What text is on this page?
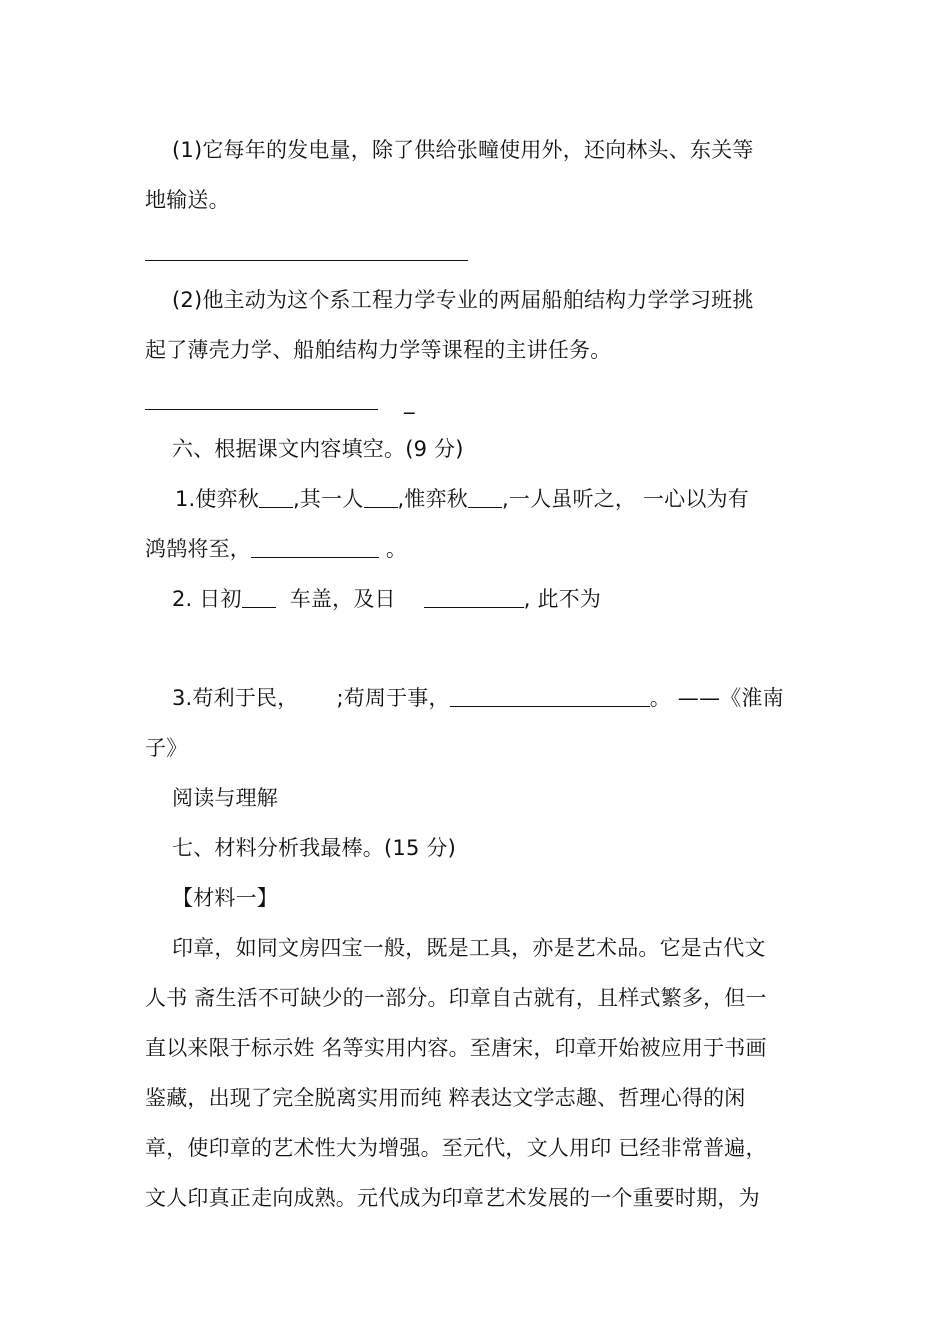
(1)它每年的发电量，除了供给张疃使用外，还向林头、东关等
地输送。
(2)他主动为这个系工程力学专业的两届船舶结构力学学习班挑
起了薄壳力学、船舶结构力学等课程的主讲任务。
_
六、根据课文内容填空。(9 分)
1.使弈秋 ,其一人 ,惟弈秋 ,一人虽听之， 一心以为有
鸿鹄将至，	。
2. 日初 车盖，及日	, 此不为
3.苟利于民， ;苟周于事，	。 ——《淮南
子》
阅读与理解
七、材料分析我最棒。(15 分)
【材料一】
印章，如同文房四宝一般，既是工具，亦是艺术品。它是古代文
人书 斋生活不可缺少的一部分。印章自古就有，且样式繁多，但一
直以来限于标示姓 名等实用内容。至唐宋，印章开始被应用于书画
鉴藏，出现了完全脱离实用而纯 粹表达文学志趣、哲理心得的闲
章，使印章的艺术性大为增强。至元代，文人用印 已经非常普遍，
文人印真正走向成熟。元代成为印章艺术发展的一个重要时期，为
